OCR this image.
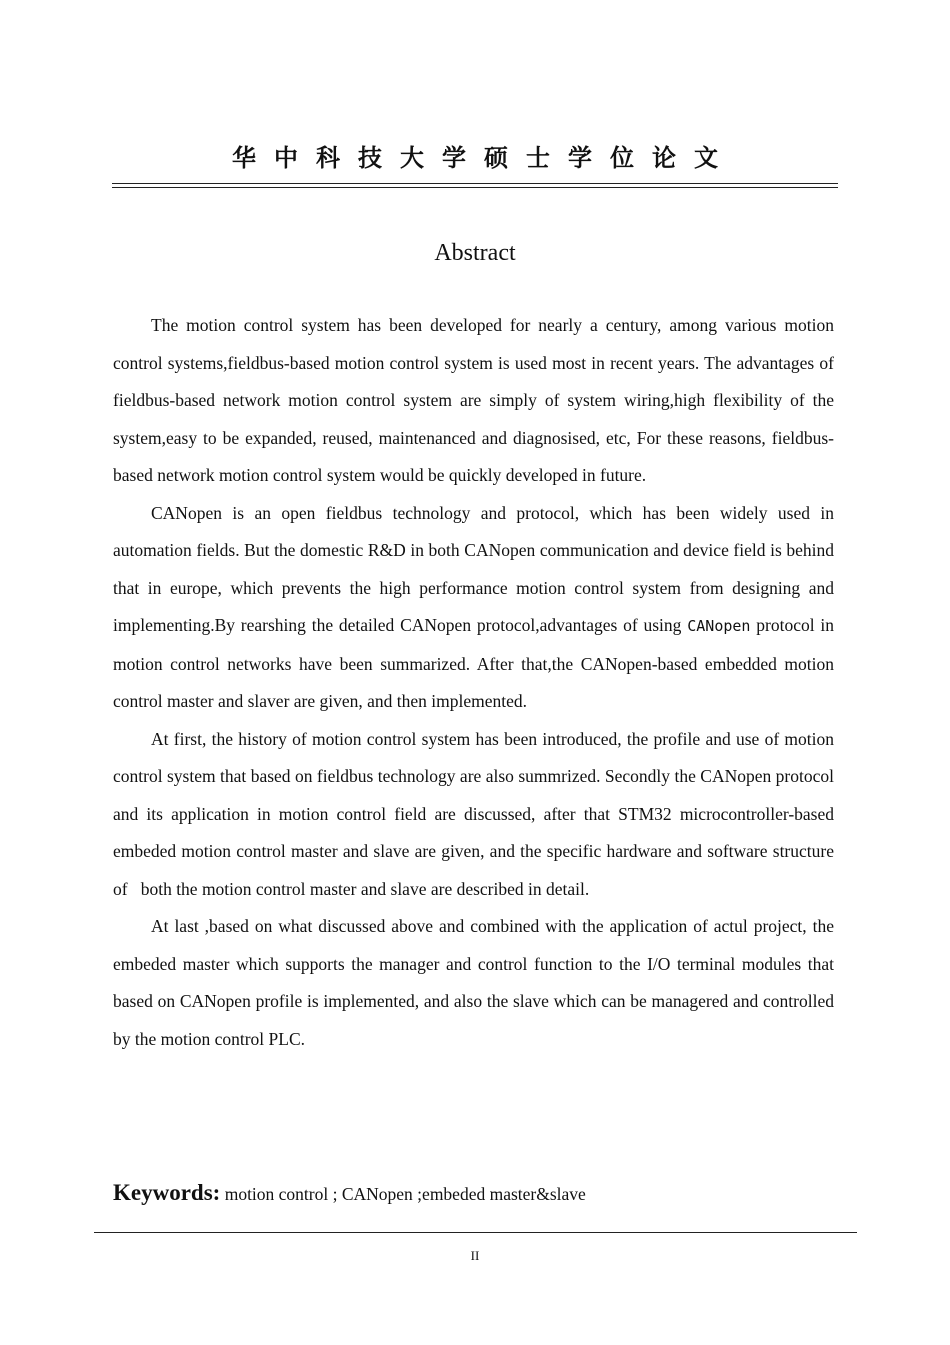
华中科技大学硕士学位论文
Abstract

The motion control system has been developed for nearly a century, among various motion control systems,fieldbus-based motion control system is used most in recent years. The advantages of fieldbus-based network motion control system are simply of system wiring,high flexibility of the system,easy to be expanded, reused, maintenanced and diagnosised, etc, For these reasons, fieldbus-based network motion control system would be quickly developed in future.

CANopen is an open fieldbus technology and protocol, which has been widely used in automation fields. But the domestic R&D in both CANopen communication and device field is behind that in europe, which prevents the high performance motion control system from designing and implementing.By rearshing the detailed CANopen protocol,advantages of using CANopen protocol in motion control networks have been summarized. After that,the CANopen-based embedded motion control master and slaver are given, and then implemented.

At first, the history of motion control system has been introduced, the profile and use of motion control system that based on fieldbus technology are also summrized. Secondly the CANopen protocol and its application in motion control field are discussed, after that STM32 microcontroller-based embeded motion control master and slave are given, and the specific hardware and software structure of   both the motion control master and slave are described in detail.

At last ,based on what discussed above and combined with the application of actul project, the embeded master which supports the manager and control function to the I/O terminal modules that based on CANopen profile is implemented, and also the slave which can be managered and controlled by the motion control PLC.

Keywords: motion control ; CANopen ;embeded master&slave
II
